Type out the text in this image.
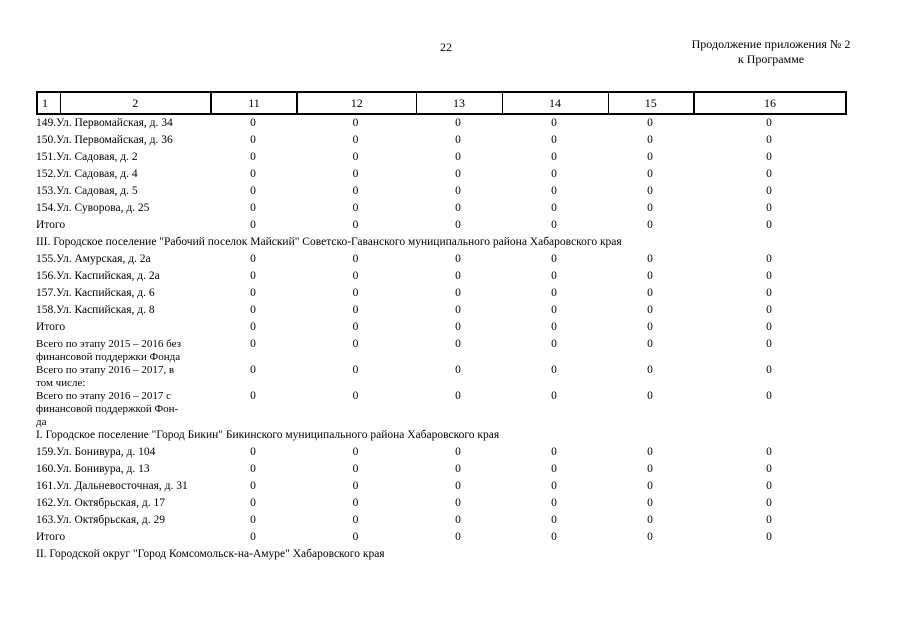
22	Продолжение приложения № 2
к Программе
1	2	11	12	13	14	15	16
149.Ул. Первомайская, д. 34	0	0	0	0	0	0
150.Ул. Первомайская, д. 36	0	0	0	0	0	0
151.Ул. Садовая, д. 2	0	0	0	0	0	0
152.Ул. Садовая, д. 4	0	0	0	0	0	0
153.Ул. Садовая, д. 5	0	0	0	0	0	0
154.Ул. Суворова, д. 25	0	0	0	0	0	0
Итого	0	0	0	0	0	0
III. Городское поселение "Рабочий поселок Майский" Советско-Гаванского муниципального района Хабаровского края						
155.Ул. Амурская, д. 2а	0	0	0	0	0	0
156.Ул. Каспийская, д. 2а	0	0	0	0	0	0
157.Ул. Каспийская, д. 6	0	0	0	0	0	0
158.Ул. Каспийская, д. 8	0	0	0	0	0	0
Итого	0	0	0	0	0	0

Всего по этапу 2015 – 2016 без
финансовой поддержки Фонда	0	0	0	0	0	0

Всего по этапу 2016 – 2017, в
том числе:	0	0	0	0	0	0

Всего по этапу 2016 – 2017 с
финансовой поддержкой Фон-
да	0	0	0	0	0	0
I. Городское поселение "Город Бикин" Бикинского муниципального района Хабаровского края						
159.Ул. Бонивура, д. 104	0	0	0	0	0	0
160.Ул. Бонивура, д. 13	0	0	0	0	0	0
161.Ул. Дальневосточная, д. 31	0	0	0	0	0	0
162.Ул. Октябрьская, д. 17	0	0	0	0	0	0
163.Ул. Октябрьская, д. 29	0	0	0	0	0	0
Итого	0	0	0	0	0	0
II. Городской округ "Город Комсомольск-на-Амуре" Хабаровского края						
